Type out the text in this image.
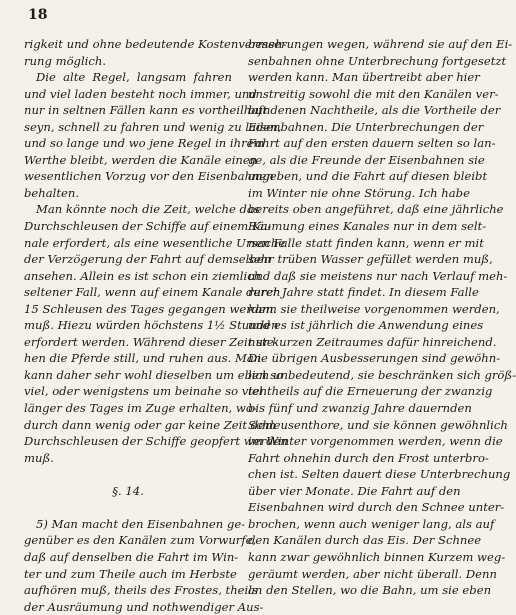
18
rigkeit und ohne bedeutende Kostenvermeh-
rung möglich.
Die alte Regel, langsam fahren
und viel laden besteht noch immer, und
nur in seltnen Fällen kann es vortheilhaft
seyn, schnell zu fahren und wenig zu laden,
und so lange und wo jene Regel in ihrem
Werthe bleibt, werden die Kanäle einen
wesentlichen Vorzug vor den Eisenbahnen
behalten.
Man könnte noch die Zeit, welche das
Durchschleusen der Schiffe auf einem Ka-
nale erfordert, als eine wesentliche Ursache
der Verzögerung der Fahrt auf demselben
ansehen. Allein es ist schon ein ziemlich
seltener Fall, wenn auf einem Kanale durch
15 Schleusen des Tages gegangen werden
muß. Hiezu würden höchstens 1½ Stunden
erfordert werden. Während dieser Zeit ste-
hen die Pferde still, und ruhen aus. Man
kann daher sehr wohl dieselben um eben so
viel, oder wenigstens um beinahe so viel
länger des Tages im Zuge erhalten, wo-
durch dann wenig oder gar keine Zeit dem
Durchschleusen der Schiffe geopfert werden
muß.
§. 14.
5) Man macht den Eisenbahnen ge-
genüber es den Kanälen zum Vorwurfe,
daß auf denselben die Fahrt im Win-
ter und zum Theile auch im Herbste
aufhören muß, theils des Frostes, theils
der Ausräumung und nothwendiger Aus-
besserungen wegen, während sie auf den Ei-
senbahnen ohne Unterbrechung fortgesetzt
werden kann. Man übertreibt aber hier
unstreitig sowohl die mit den Kanälen ver-
bundenen Nachtheile, als die Vortheile der
Eisenbahnen. Die Unterbrechungen der
Fahrt auf den ersten dauern selten so lan-
ge, als die Freunde der Eisenbahnen sie
angeben, und die Fahrt auf diesen bleibt
im Winter nie ohne Störung. Ich habe
bereits oben angeführet, daß eine jährliche
Räumung eines Kanales nur in dem selt-
nen Falle statt finden kann, wenn er mit
sehr trüben Wasser gefüllet werden muß,
und daß sie meistens nur nach Verlauf meh-
rerer Jahre statt findet. In diesem Falle
kann sie theilweise vorgenommen werden,
und es ist jährlich die Anwendung eines
nur kurzen Zeitraumes dafür hinreichend.
Die übrigen Ausbesserungen sind gewöhn-
lich unbedeutend, sie beschränken sich größ-
tentheils auf die Erneuerung der zwanzig
bis fünf und zwanzig Jahre dauernden
Schleusenthore, und sie können gewöhnlich
im Winter vorgenommen werden, wenn die
Fahrt ohnehin durch den Frost unterbro-
chen ist. Selten dauert diese Unterbrechung
über vier Monate. Die Fahrt auf den
Eisenbahnen wird durch den Schnee unter-
brochen, wenn auch weniger lang, als auf
den Kanälen durch das Eis. Der Schnee
kann zwar gewöhnlich binnen Kurzem weg-
geräumt werden, aber nicht überall. Denn
an den Stellen, wo die Bahn, um sie eben
